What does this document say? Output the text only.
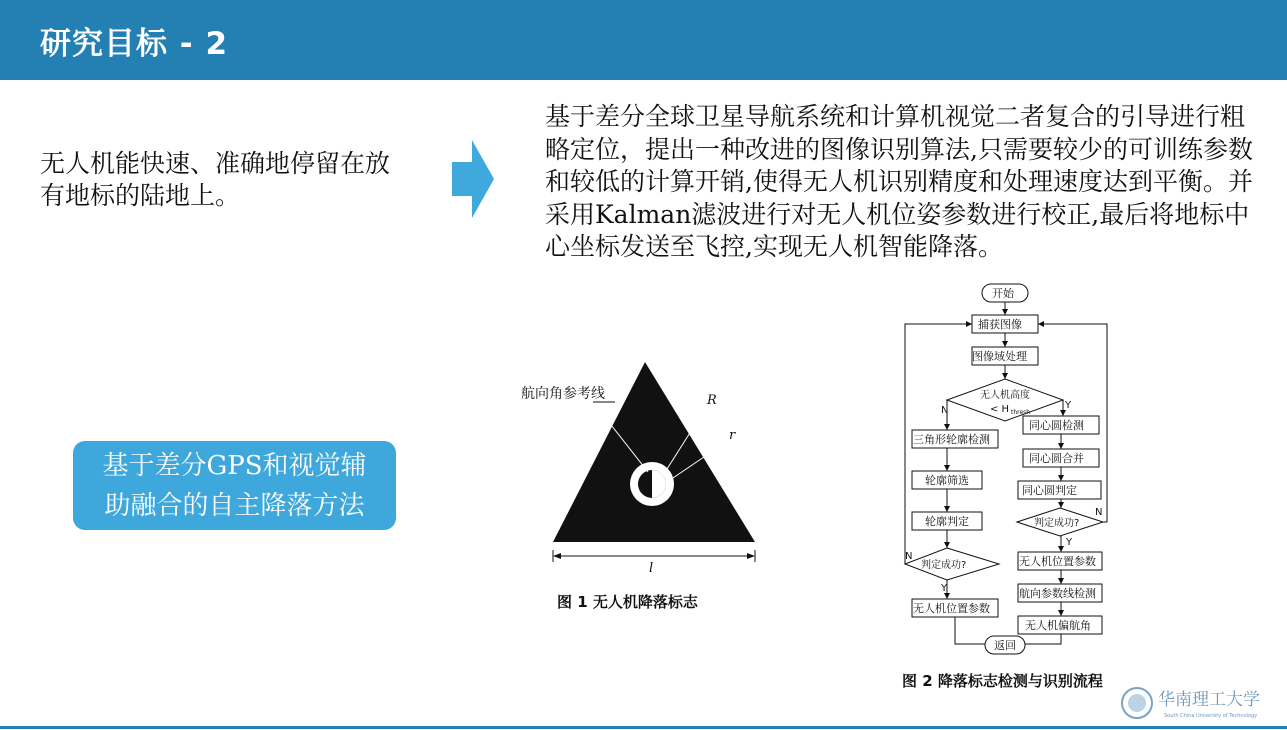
研究目标 - 2
无人机能快速、准确地停留在放有地标的陆地上。
基于差分全球卫星导航系统和计算机视觉二者复合的引导进行粗略定位，提出一种改进的图像识别算法,只需要较少的可训练参数和较低的计算开销,使得无人机识别精度和处理速度达到平衡。并采用Kalman滤波进行对无人机位姿参数进行校正,最后将地标中心坐标发送至飞控,实现无人机智能降落。
基于差分GPS和视觉辅助融合的自主降落方法
航向角参考线	R
r
l
图 1 无人机降落标志
开始
捕获图像
图像域处理
无人机高度
< H thresh
N	Y
三角形轮廓检测
轮廓筛选
轮廓判定
判定成功?
N
Y
无人机位置参数
同心圆检测
同心圆合并
同心圆判定
判定成功?
N
Y
无人机位置参数
航向参数线检测
无人机偏航角
返回
图 2 降落标志检测与识别流程
华南理工大学
South China University of Technology
